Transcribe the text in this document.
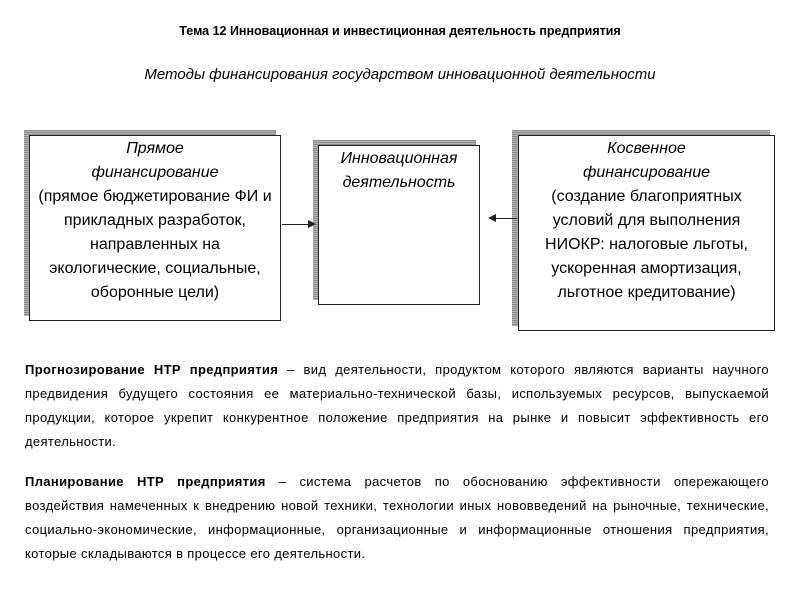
Тема 12 Инновационная и инвестиционная деятельность предприятия
Методы финансирования государством инновационной деятельности
Прямое
финансирование
(прямое бюджетирование ФИ и прикладных разработок, направленных на экологические, социальные, оборонные цели)
Инновационная
деятельность
Косвенное
финансирование
(создание благоприятных условий для выполнения НИОКР: налоговые льготы, ускоренная амортизация, льготное кредитование)
Прогнозирование НТР предприятия – вид деятельности, продуктом которого являются варианты научного предвидения будущего состояния ее материально-технической базы, используемых ресурсов, выпускаемой продукции, которое укрепит конкурентное положение предприятия на рынке и повысит эффективность его деятельности.
Планирование НТР предприятия – система расчетов по обоснованию эффективности опережающего воздействия намеченных к внедрению новой техники, технологии иных нововведений на рыночные, технические, социально-экономические, информационные, организационные и информационные отношения предприятия, которые складываются в процессе его деятельности.
